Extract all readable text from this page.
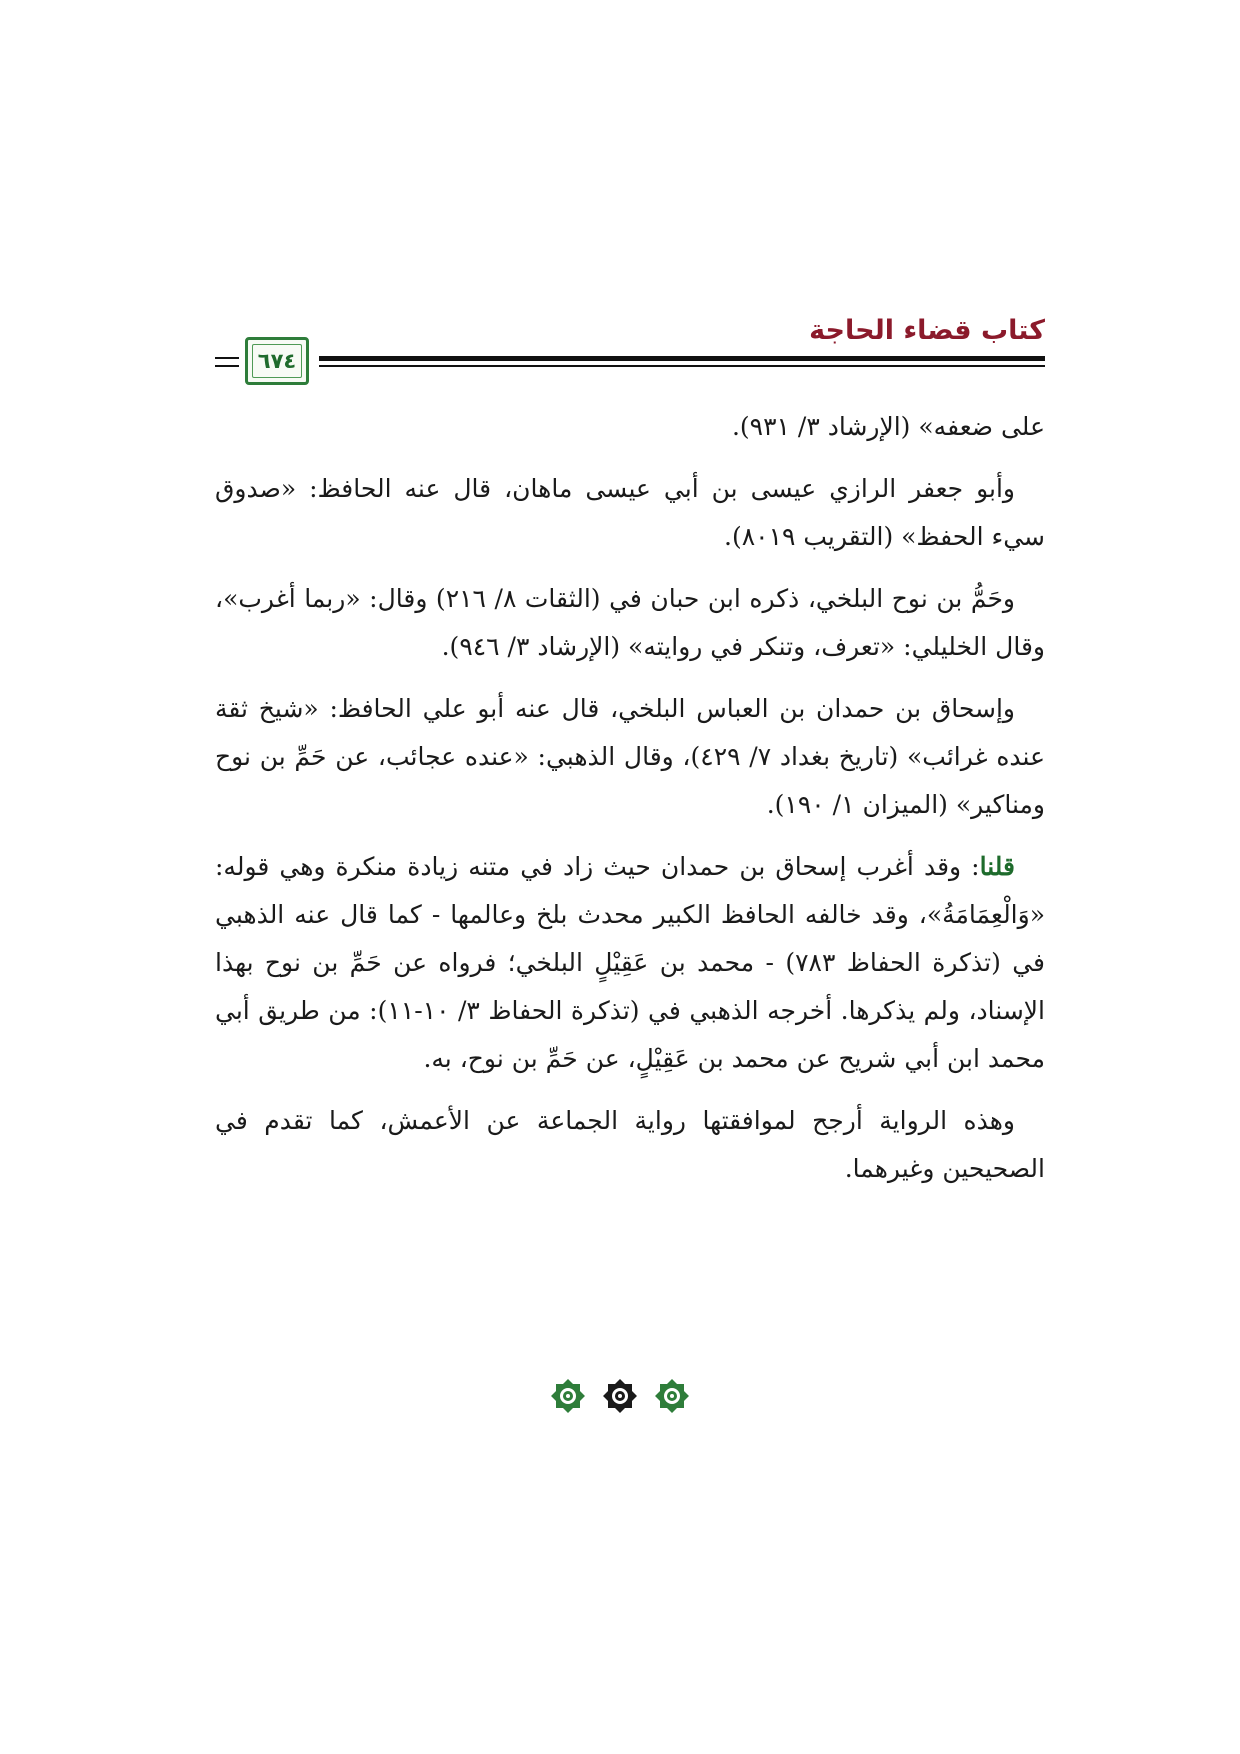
٦٧٤
كتاب قضاء الحاجة

على ضعفه» (الإرشاد ٣/ ٩٣١).

وأبو جعفر الرازي عيسى بن أبي عيسى ماهان، قال عنه الحافظ: «صدوق سيء الحفظ» (التقريب ٨٠١٩).

وحَمُّ بن نوح البلخي، ذكره ابن حبان في (الثقات ٨/ ٢١٦) وقال: «ربما أغرب»، وقال الخليلي: «تعرف، وتنكر في روايته» (الإرشاد ٣/ ٩٤٦).

وإسحاق بن حمدان بن العباس البلخي، قال عنه أبو علي الحافظ: «شيخ ثقة عنده غرائب» (تاريخ بغداد ٧/ ٤٢٩)، وقال الذهبي: «عنده عجائب، عن حَمِّ بن نوح ومناكير» (الميزان ١/ ١٩٠).

قلنا: وقد أغرب إسحاق بن حمدان حيث زاد في متنه زيادة منكرة وهي قوله: «وَالْعِمَامَةُ»، وقد خالفه الحافظ الكبير محدث بلخ وعالمها - كما قال عنه الذهبي في (تذكرة الحفاظ ٧٨٣) - محمد بن عَقِيْلٍ البلخي؛ فرواه عن حَمِّ بن نوح بهذا الإسناد، ولم يذكرها. أخرجه الذهبي في (تذكرة الحفاظ ٣/ ١٠-١١): من طريق أبي محمد ابن أبي شريح عن محمد بن عَقِيْلٍ، عن حَمِّ بن نوح، به.

وهذه الرواية أرجح لموافقتها رواية الجماعة عن الأعمش، كما تقدم في الصحيحين وغيرهما.
